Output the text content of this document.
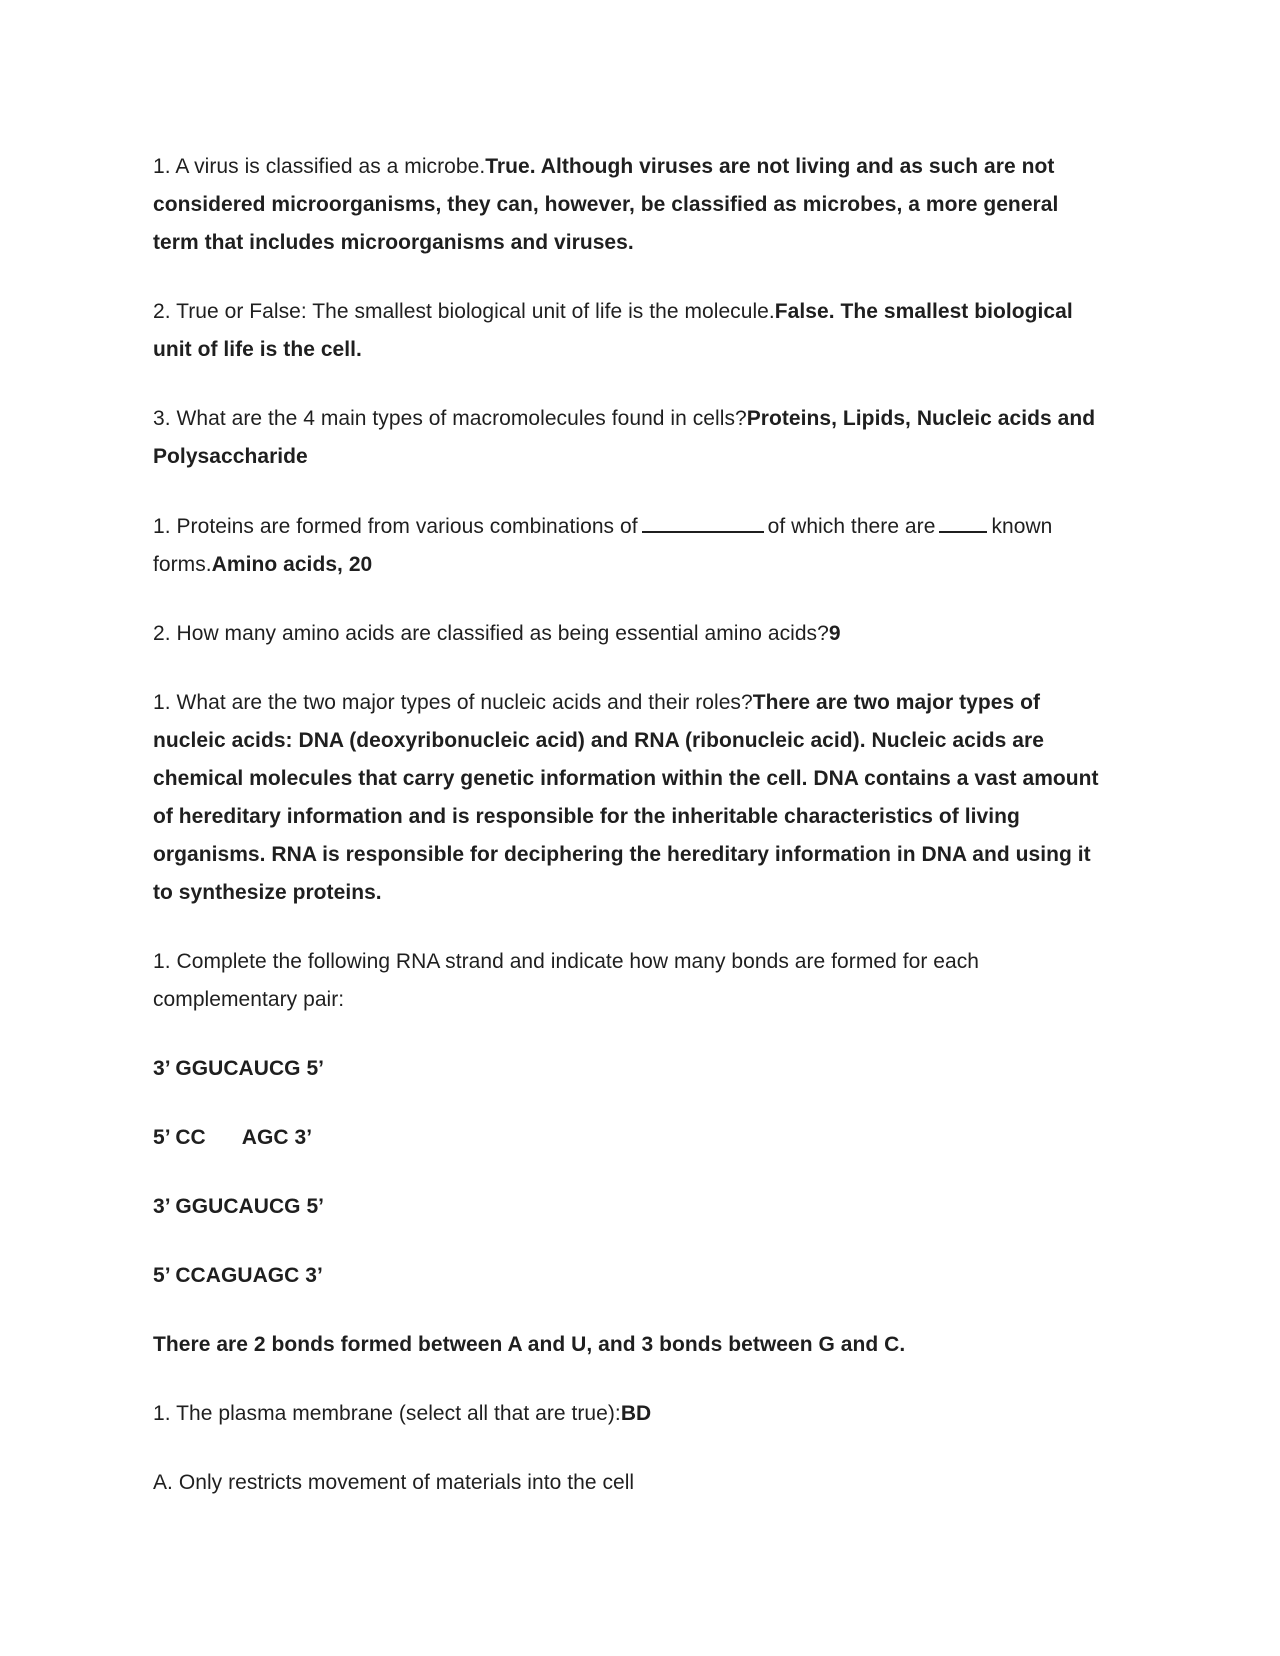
1. A virus is classified as a microbe.True. Although viruses are not living and as such are not considered microorganisms, they can, however, be classified as microbes, a more general term that includes microorganisms and viruses.

2. True or False: The smallest biological unit of life is the molecule.False. The smallest biological unit of life is the cell.

3. What are the 4 main types of macromolecules found in cells?Proteins, Lipids, Nucleic acids and Polysaccharide

1. Proteins are formed from various combinations of	of which there are	known forms.Amino acids, 20

2. How many amino acids are classified as being essential amino acids?9

1. What are the two major types of nucleic acids and their roles?There are two major types of nucleic acids: DNA (deoxyribonucleic acid) and RNA (ribonucleic acid). Nucleic acids are chemical molecules that carry genetic information within the cell. DNA contains a vast amount of hereditary information and is responsible for the inheritable characteristics of living organisms. RNA is responsible for deciphering the hereditary information in DNA and using it to synthesize proteins.

1. Complete the following RNA strand and indicate how many bonds are formed for each complementary pair:

3’ GGUCAUCG 5’

5’ CC AGC 3’

3’ GGUCAUCG 5’

5’ CCAGUAGC 3’

There are 2 bonds formed between A and U, and 3 bonds between G and C.

1. The plasma membrane (select all that are true):BD

A. Only restricts movement of materials into the cell
